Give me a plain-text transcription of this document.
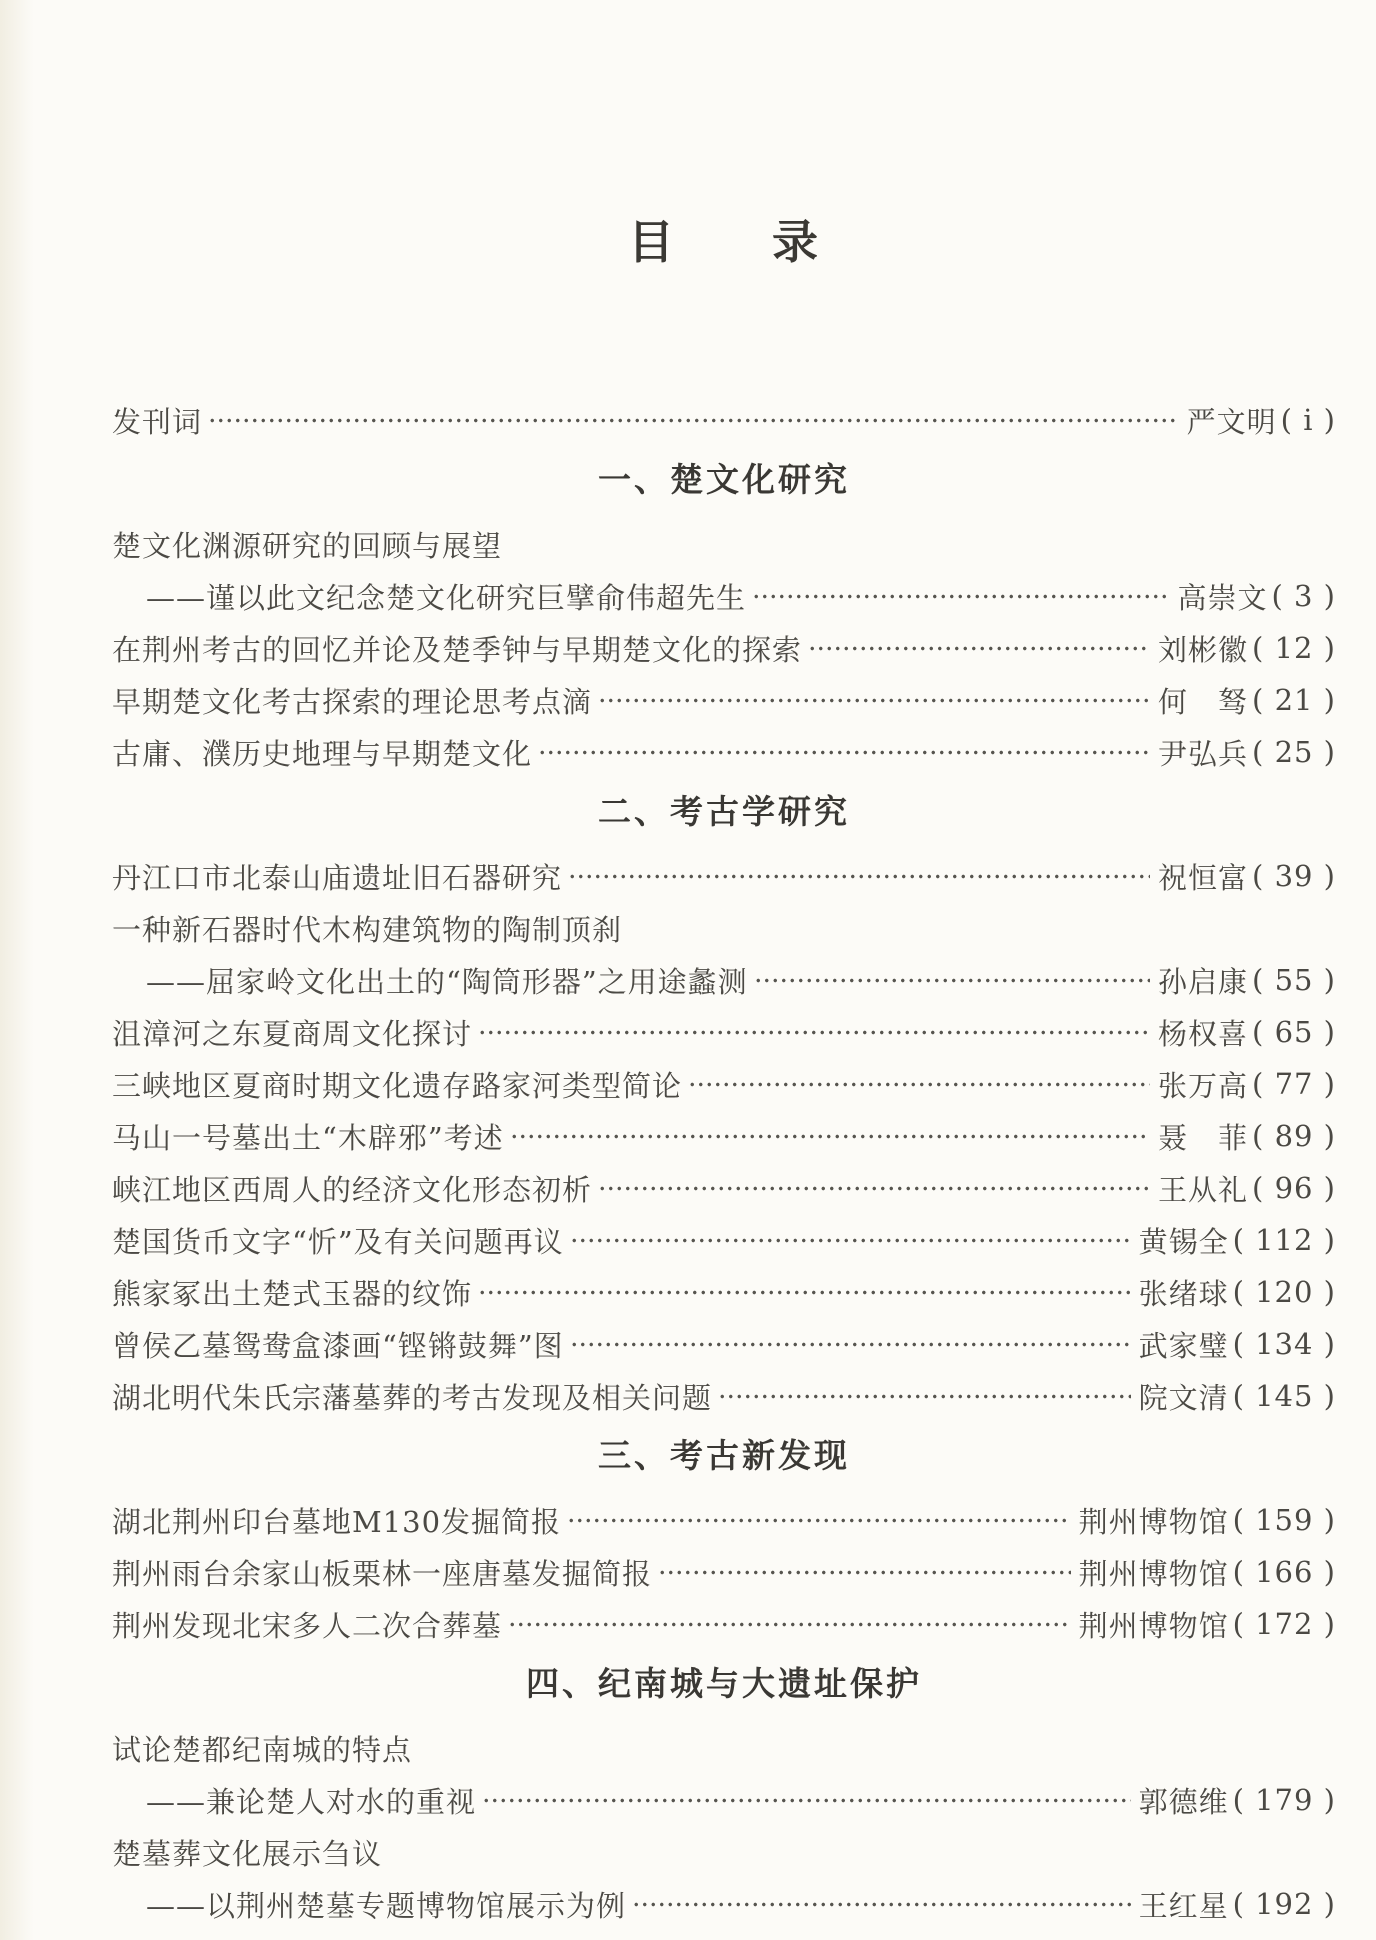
目　　录
发刊词	严文明 ( i )
一、楚文化研究
楚文化渊源研究的回顾与展望
——谨以此文纪念楚文化研究巨擘俞伟超先生	高崇文 ( 3 )
在荆州考古的回忆并论及楚季钟与早期楚文化的探索	刘彬徽 ( 12 )
早期楚文化考古探索的理论思考点滴	何　驽 ( 21 )
古庸、濮历史地理与早期楚文化	尹弘兵 ( 25 )
二、考古学研究
丹江口市北泰山庙遗址旧石器研究	祝恒富 ( 39 )
一种新石器时代木构建筑物的陶制顶刹
——屈家岭文化出土的“陶筒形器”之用途蠡测	孙启康 ( 55 )
沮漳河之东夏商周文化探讨	杨权喜 ( 65 )
三峡地区夏商时期文化遗存路家河类型简论	张万高 ( 77 )
马山一号墓出土“木辟邪”考述	聂　菲 ( 89 )
峡江地区西周人的经济文化形态初析	王从礼 ( 96 )
楚国货币文字“忻”及有关问题再议	黄锡全 ( 112 )
熊家冢出土楚式玉器的纹饰	张绪球 ( 120 )
曾侯乙墓鸳鸯盒漆画“铿锵鼓舞”图	武家璧 ( 134 )
湖北明代朱氏宗藩墓葬的考古发现及相关问题	院文清 ( 145 )
三、考古新发现
湖北荆州印台墓地M130发掘简报	荆州博物馆 ( 159 )
荆州雨台余家山板栗林一座唐墓发掘简报	荆州博物馆 ( 166 )
荆州发现北宋多人二次合葬墓	荆州博物馆 ( 172 )
四、纪南城与大遗址保护
试论楚都纪南城的特点
——兼论楚人对水的重视	郭德维 ( 179 )
楚墓葬文化展示刍议
——以荆州楚墓专题博物馆展示为例	王红星 ( 192 )
